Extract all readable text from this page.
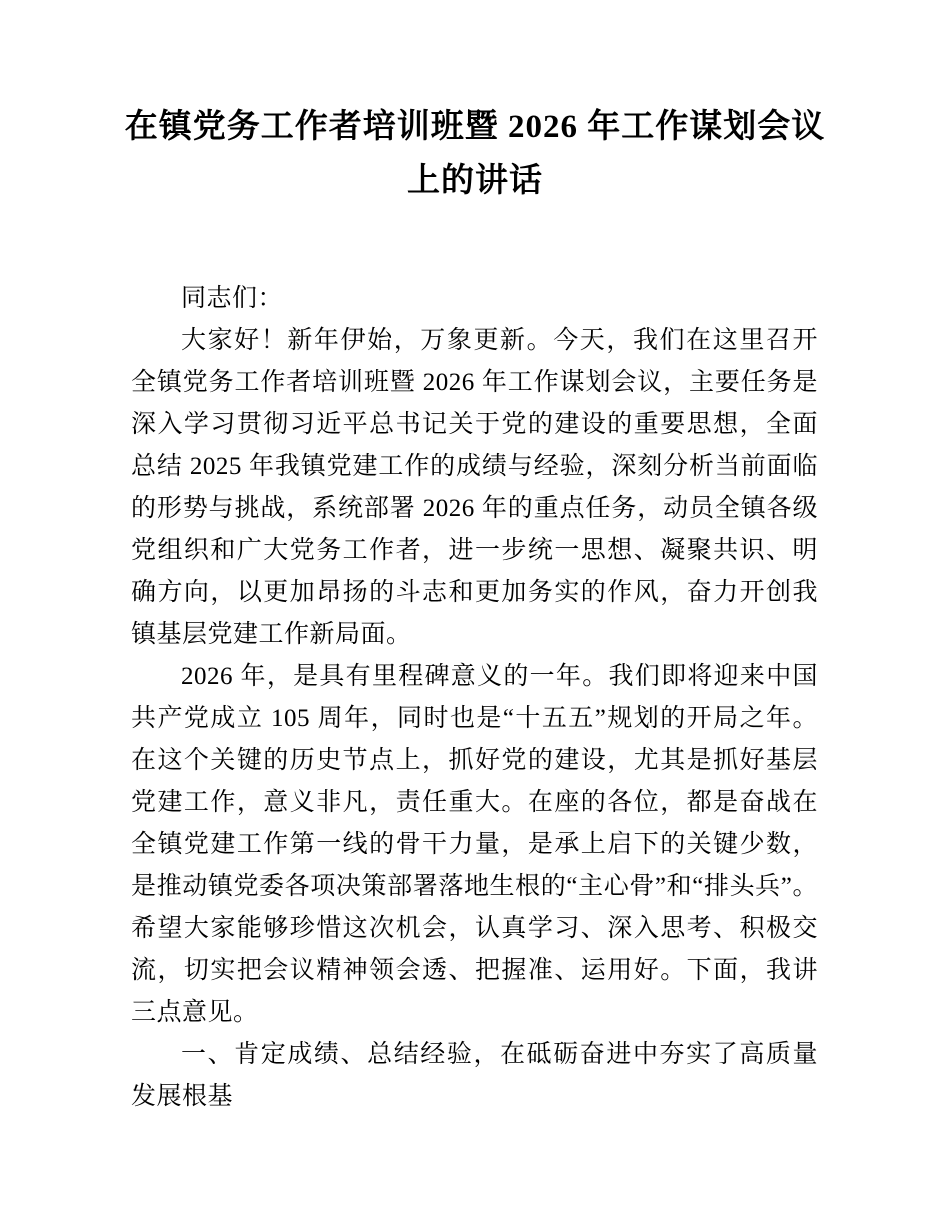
在镇党务工作者培训班暨 2026 年工作谋划会议
上的讲话

同志们：

大家好！新年伊始，万象更新。今天，我们在这里召开全镇党务工作者培训班暨 2026 年工作谋划会议，主要任务是深入学习贯彻习近平总书记关于党的建设的重要思想，全面总结 2025 年我镇党建工作的成绩与经验，深刻分析当前面临的形势与挑战，系统部署 2026 年的重点任务，动员全镇各级党组织和广大党务工作者，进一步统一思想、凝聚共识、明确方向，以更加昂扬的斗志和更加务实的作风，奋力开创我镇基层党建工作新局面。

2026 年，是具有里程碑意义的一年。我们即将迎来中国共产党成立 105 周年，同时也是“十五五”规划的开局之年。在这个关键的历史节点上，抓好党的建设，尤其是抓好基层党建工作，意义非凡，责任重大。在座的各位，都是奋战在全镇党建工作第一线的骨干力量，是承上启下的关键少数，是推动镇党委各项决策部署落地生根的“主心骨”和“排头兵”。希望大家能够珍惜这次机会，认真学习、深入思考、积极交流，切实把会议精神领会透、把握准、运用好。下面，我讲三点意见。

一、肯定成绩、总结经验，在砥砺奋进中夯实了高质量发展根基
